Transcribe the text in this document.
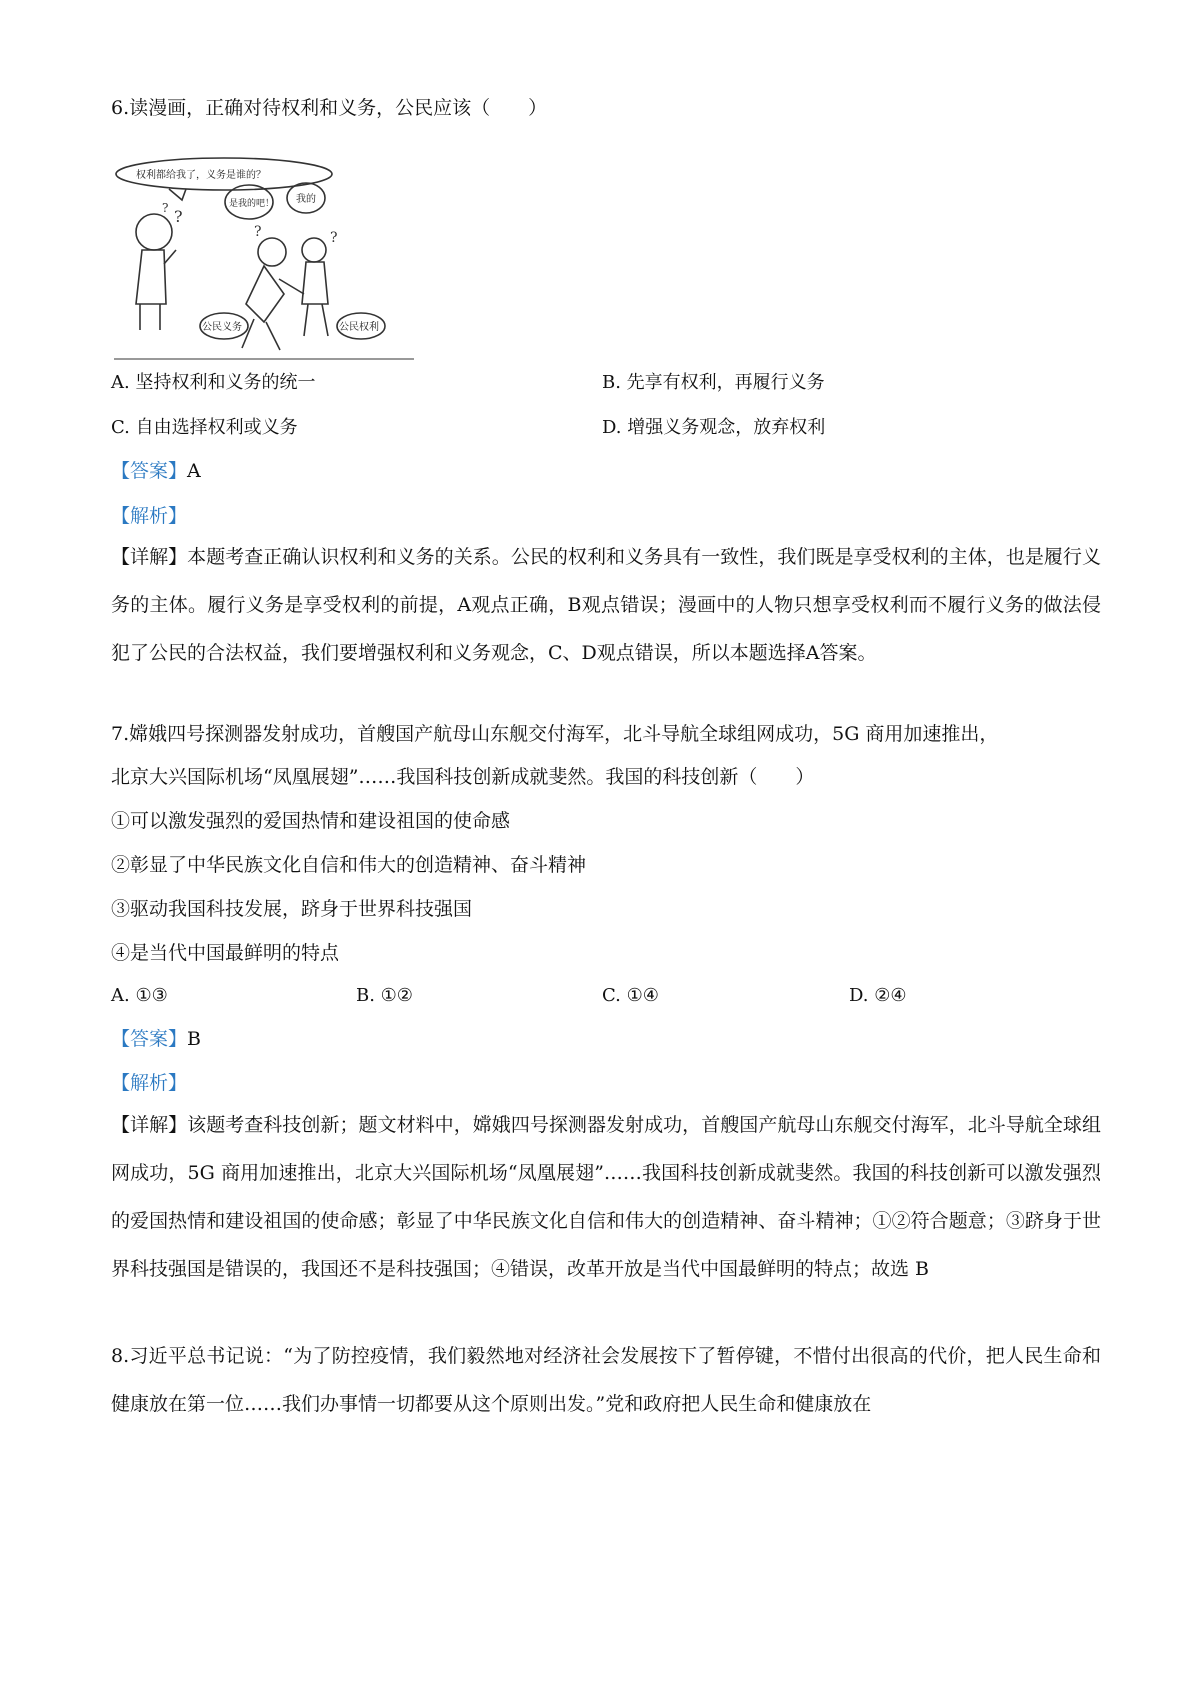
6.读漫画，正确对待权利和义务，公民应该（　　）
?
?
?	?
权利都给我了，义务是谁的？
是我的吧！ 我的
公民义务	公民权利
A. 坚持权利和义务的统一	B. 先享有权利，再履行义务
C. 自由选择权利或义务	D. 增强义务观念，放弃权利
【答案】A
【解析】
【详解】本题考查正确认识权利和义务的关系。公民的权利和义务具有一致性，我们既是享受权利的主体，也是履行义务的主体。履行义务是享受权利的前提，A观点正确，B观点错误；漫画中的人物只想享受权利而不履行义务的做法侵犯了公民的合法权益，我们要增强权利和义务观念，C、D观点错误，所以本题选择A答案。
7.嫦娥四号探测器发射成功，首艘国产航母山东舰交付海军，北斗导航全球组网成功，5G 商用加速推出，
北京大兴国际机场“凤凰展翅”……我国科技创新成就斐然。我国的科技创新（　　）
①可以激发强烈的爱国热情和建设祖国的使命感
②彰显了中华民族文化自信和伟大的创造精神、奋斗精神
③驱动我国科技发展，跻身于世界科技强国
④是当代中国最鲜明的特点
A. ①③	B. ①②	C. ①④	D. ②④
【答案】B
【解析】
【详解】该题考查科技创新；题文材料中，嫦娥四号探测器发射成功，首艘国产航母山东舰交付海军，北斗导航全球组网成功，5G 商用加速推出，北京大兴国际机场“凤凰展翅”……我国科技创新成就斐然。我国的科技创新可以激发强烈的爱国热情和建设祖国的使命感；彰显了中华民族文化自信和伟大的创造精神、奋斗精神；①②符合题意；③跻身于世界科技强国是错误的，我国还不是科技强国；④错误，改革开放是当代中国最鲜明的特点；故选 B
8.习近平总书记说：“为了防控疫情，我们毅然地对经济社会发展按下了暂停键，不惜付出很高的代价，把人民生命和健康放在第一位……我们办事情一切都要从这个原则出发。”党和政府把人民生命和健康放在
